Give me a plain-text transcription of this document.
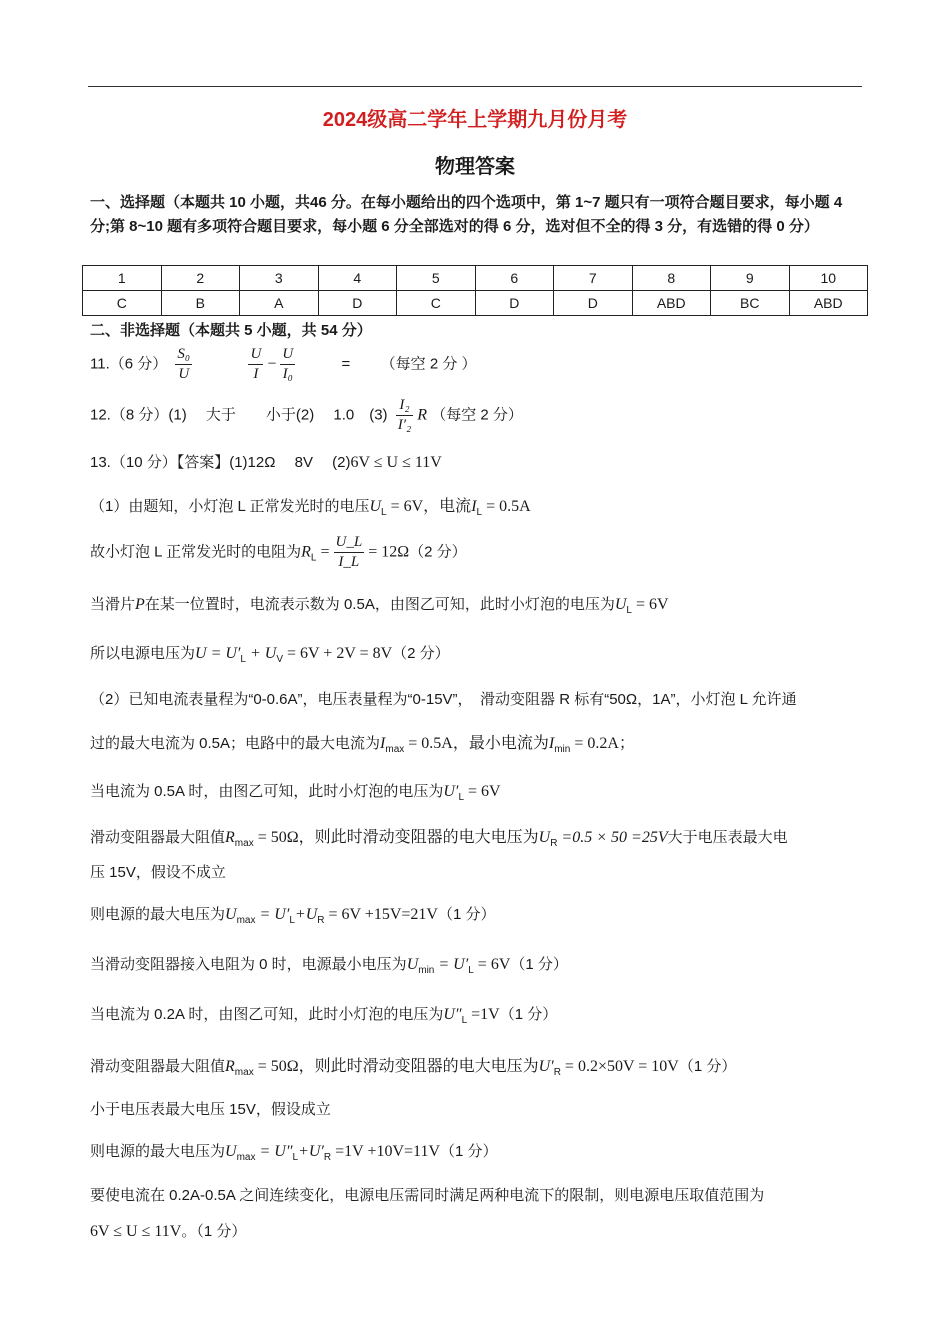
2024级高二学年上学期九月份月考
物理答案
一、选择题（本题共 10 小题，共46 分。在每小题给出的四个选项中，第 1~7 题只有一项符合题目要求，每小题 4 分;第 8~10 题有多项符合题目要求，每小题 6 分全部选对的得 6 分，选对但不全的得 3 分，有选错的得 0 分）
1	2	3	4	5	6	7	8	9	10
C	B	A	D	C	D	D	ABD	BC	ABD
二、非选择题（本题共 5 小题，共 54 分）
11.（6 分） $\frac{\text{S₀}}{U}$
	$\frac{U}{I} - \frac{U}{\text{I₀}}$	= （每空 2 分 ）
12.（8 分）(1)　 大于　　小于(2)　 1.0　$(3) \frac{\text{I₂}}{\text{I′₂}}$ R （每空 2 分）
13.（10 分）【答案】(1)12Ω　 8V　 (2)6V ≤ U ≤ 11V
（1）由题知，小灯泡 L 正常发光时的电压$U_L = 6V$，电流$I_L = 0.5A$
故小灯泡 L 正常发光时的电阻为$R_L = \frac{U\_L}{I\_L} = 12\Omega(2$ 分）
当滑片P在某一位置时，电流表示数为 0.5A，由图乙可知，此时小灯泡的电压为$U_L = 6V$
所以电源电压为$U = U'_L + U_V = 6V + 2V = 8V(2$ 分）
（2）已知电流表量程为“0-0.6A”，电压表量程为“0-15V”，　滑动变阻器 R 标有“50Ω，1A”，小灯泡 L 允许通
过的最大电流为 0.5A；电路中的最大电流为$I_{max} = 0.5A$，最小电流为$I_{min} = 0.2A$；
当电流为 0.5A 时，由图乙可知，此时小灯泡的电压为$U'_L = 6V$
滑动变阻器最大阻值$R_{max} = 50\Omega$，则此时滑动变阻器的电大电压为$U_R =0.5 \times 50 =25V$大于电压表最大电
压 15V，假设不成立
则电源的最大电压为$U_{max} = U'_L+U_R = 6V +15V=21V(1$ 分）
当滑动变阻器接入电阻为 0 时，电源最小电压为$U_{min} = U'_L = 6V(1$ 分）
当电流为 0.2A 时，由图乙可知，此时小灯泡的电压为$U''_L =1V(1$ 分）
滑动变阻器最大阻值$R_{max} = 50\Omega$，则此时滑动变阻器的电大电压为$U'_R = 0.2\times 50V = 10V(1$ 分）
小于电压表最大电压 15V，假设成立
则电源的最大电压为$U_{max} = U''_L+U'_R =1V +10V=11V(1$ 分）
要使电流在 0.2A-0.5A 之间连续变化，电源电压需同时满足两种电流下的限制，则电源电压取值范围为
6V ≤ U ≤ 11V。（1 分）
